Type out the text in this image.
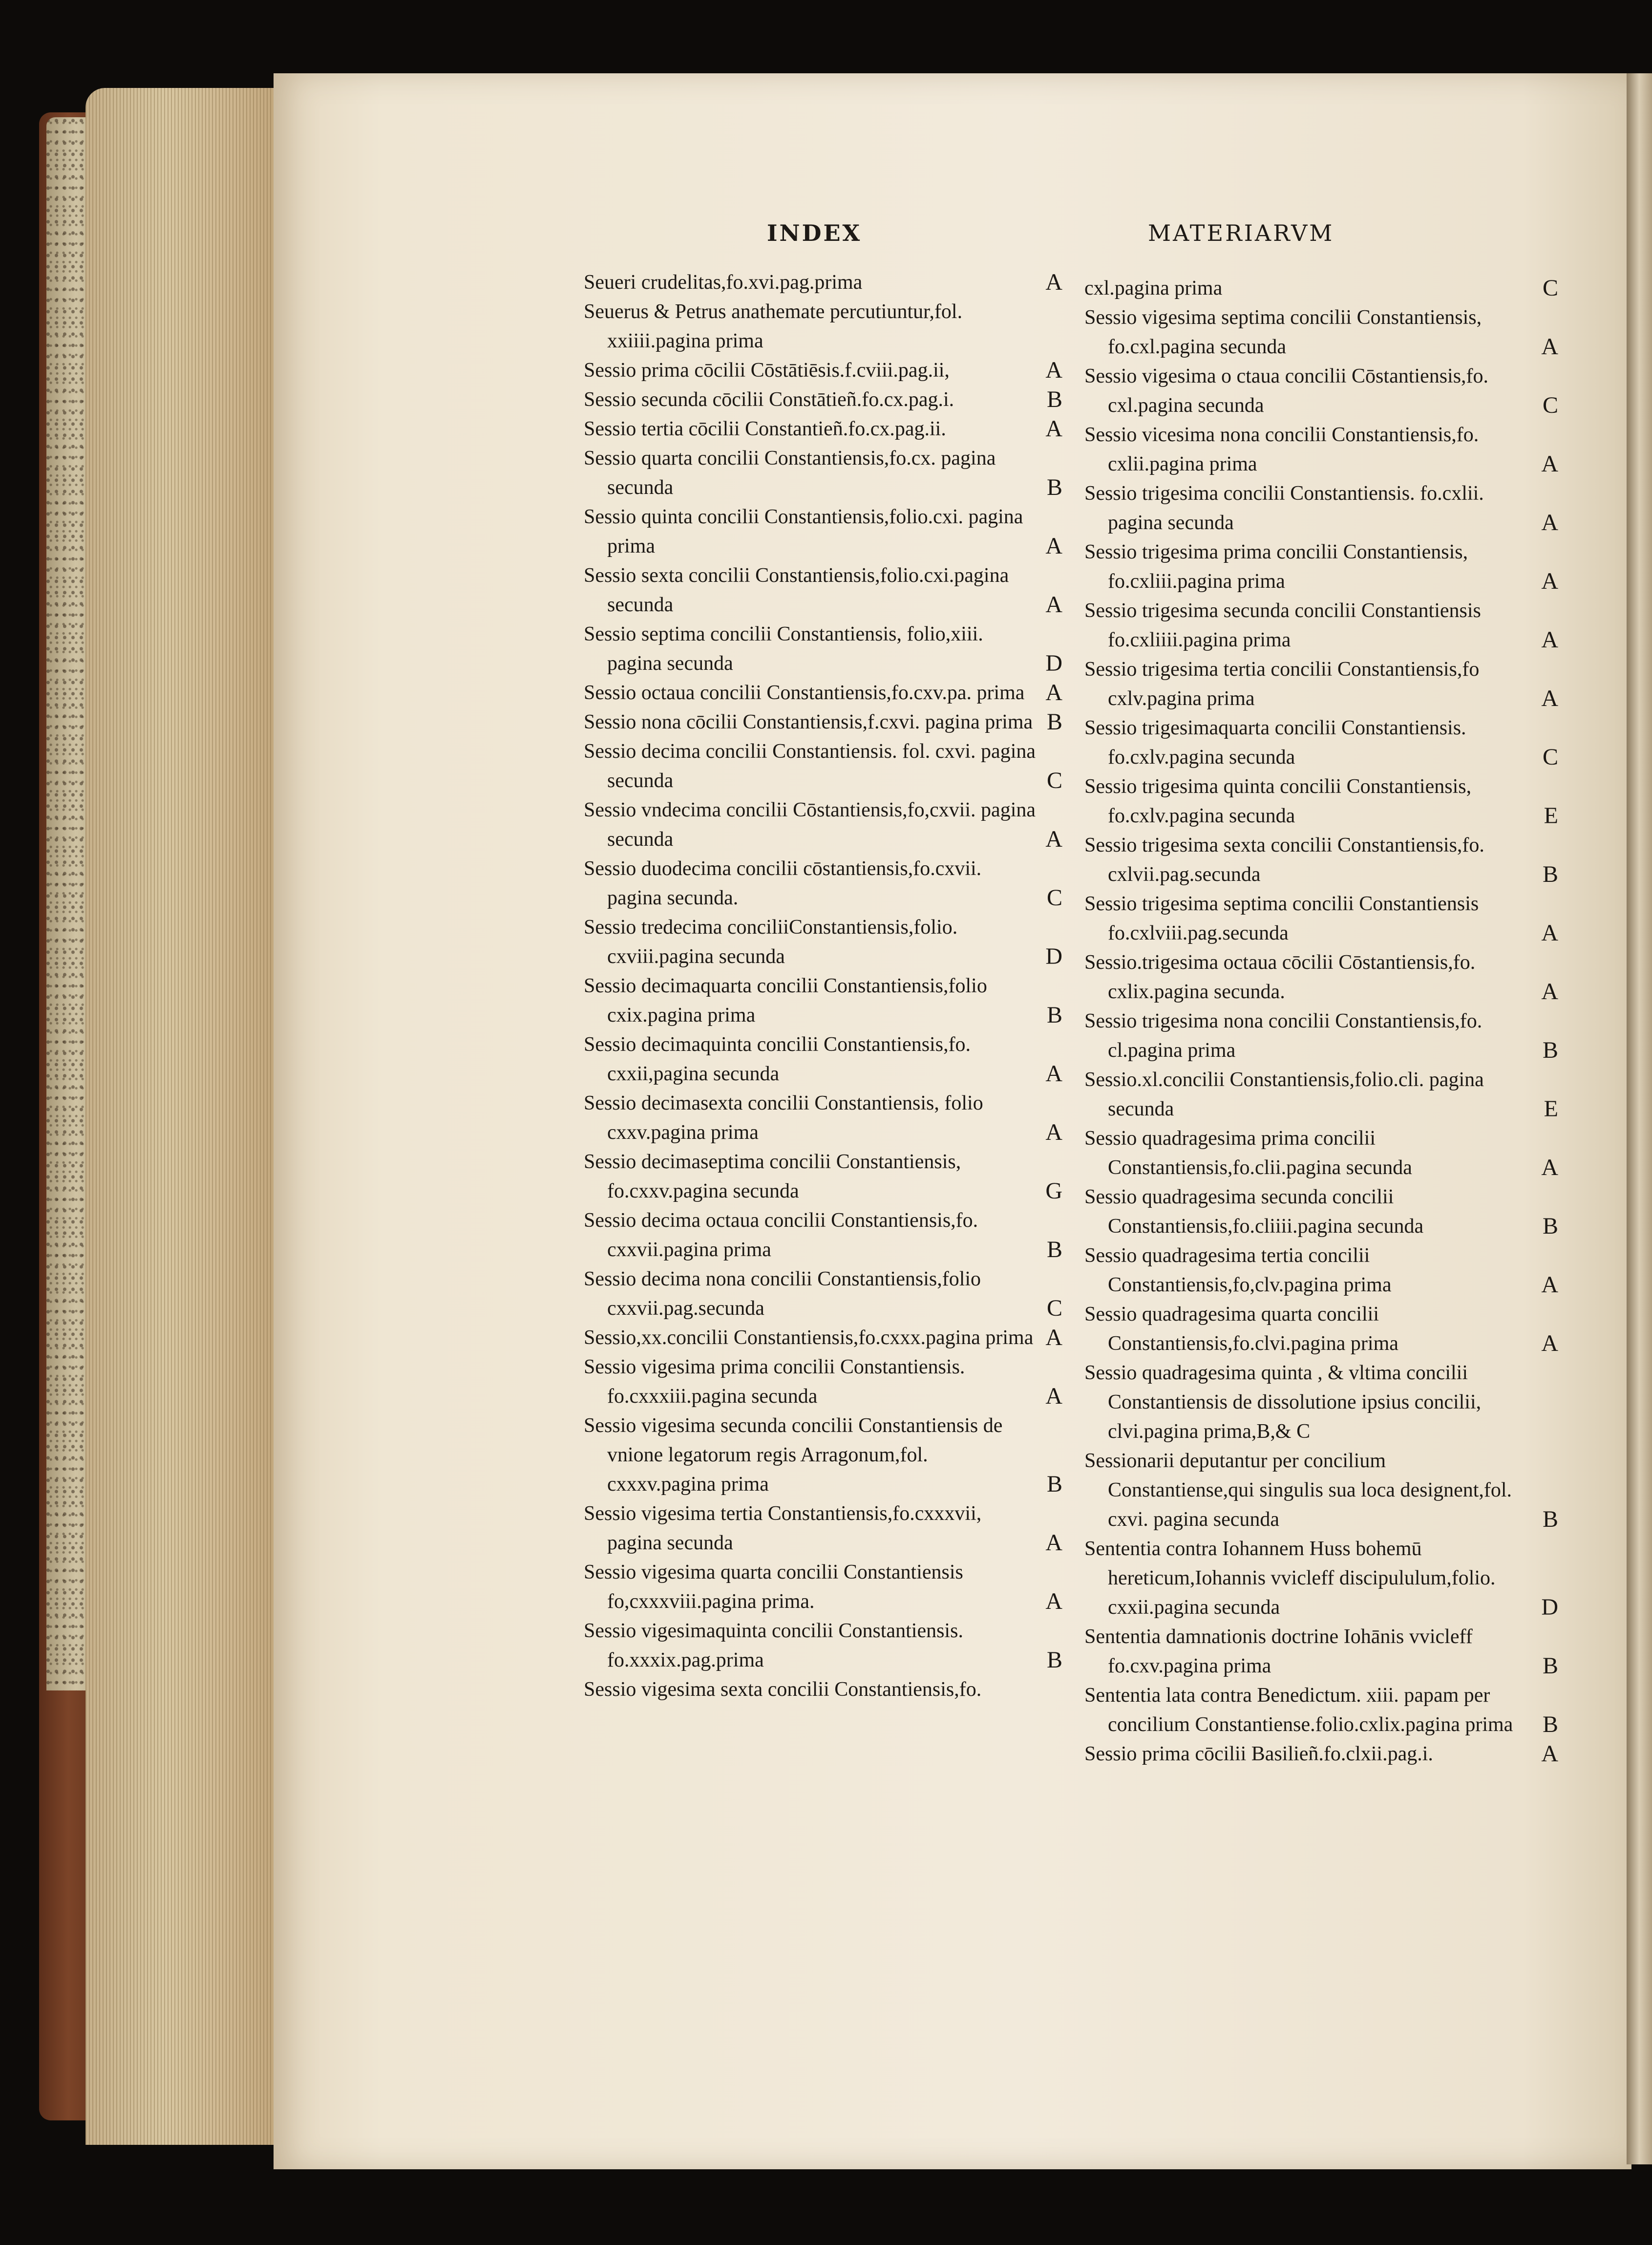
INDEX	MATERIARVM
Seueri crudelitas,fo.xvi.pag.prima	A
Seuerus & Petrus anathemate percutiuntur,fol. xxiiii.pagina prima
Sessio prima cōcilii Cōstātiēsis.f.cviii.pag.ii,	A
Sessio secunda cōcilii Constātieñ.fo.cx.pag.i.	B
Sessio tertia cōcilii Constantieñ.fo.cx.pag.ii.	A
Sessio quarta concilii Constantiensis,fo.cx. pagina secunda	B
Sessio quinta concilii Constantiensis,folio.cxi. pagina prima	A
Sessio sexta concilii Constantiensis,folio.cxi.pagina secunda	A
Sessio septima concilii Constantiensis, folio,xiii. pagina secunda	D
Sessio octaua concilii Constantiensis,fo.cxv.pa. prima A
Sessio nona cōcilii Constantiensis,f.cxvi. pagina prima B
Sessio decima concilii Constantiensis. fol. cxvi. pagina secunda	C
Sessio vndecima concilii Cōstantiensis,fo,cxvii. pagina secunda	A
Sessio duodecima concilii cōstantiensis,fo.cxvii. pagina secunda.	C
Sessio tredecima conciliiConstantiensis,folio. cxviii.pagina secunda	D
Sessio decimaquarta concilii Constantiensis,folio cxix.pagina prima	B
Sessio decimaquinta concilii Constantiensis,fo. cxxii,pagina secunda	A
Sessio decimasexta concilii Constantiensis, folio cxxv.pagina prima	A
Sessio decimaseptima concilii Constantiensis, fo.cxxv.pagina secunda	G
Sessio decima octaua concilii Constantiensis,fo. cxxvii.pagina prima	B
Sessio decima nona concilii Constantiensis,folio cxxvii.pag.secunda	C
Sessio,xx.concilii Constantiensis,fo.cxxx.pagina prima A
Sessio vigesima prima concilii Constantiensis. fo.cxxxiii.pagina secunda	A
Sessio vigesima secunda concilii Constantiensis de vnione legatorum regis Arragonum,fol. cxxxv.pagina prima	B
Sessio vigesima tertia Constantiensis,fo.cxxxvii, pagina secunda	A
Sessio vigesima quarta concilii Constantiensis fo,cxxxviii.pagina prima.	A
Sessio vigesimaquinta concilii Constantiensis. fo.xxxix.pag.prima	B
Sessio vigesima sexta concilii Constantiensis,fo.
cxl.pagina prima	C
Sessio vigesima septima concilii Constantiensis, fo.cxl.pagina secunda	A
Sessio vigesima o ctaua concilii Cōstantiensis,fo. cxl.pagina secunda	C
Sessio vicesima nona concilii Constantiensis,fo. cxlii.pagina prima	A
Sessio trigesima concilii Constantiensis. fo.cxlii. pagina secunda	A
Sessio trigesima prima concilii Constantiensis, fo.cxliii.pagina prima	A
Sessio trigesima secunda concilii Constantiensis fo.cxliiii.pagina prima	A
Sessio trigesima tertia concilii Constantiensis,fo cxlv.pagina prima	A
Sessio trigesimaquarta concilii Constantiensis. fo.cxlv.pagina secunda	C
Sessio trigesima quinta concilii Constantiensis, fo.cxlv.pagina secunda	E
Sessio trigesima sexta concilii Constantiensis,fo. cxlvii.pag.secunda	B
Sessio trigesima septima concilii Constantiensis fo.cxlviii.pag.secunda	A
Sessio.trigesima octaua cōcilii Cōstantiensis,fo. cxlix.pagina secunda.	A
Sessio trigesima nona concilii Constantiensis,fo. cl.pagina prima	B
Sessio.xl.concilii Constantiensis,folio.cli. pagina secunda	E
Sessio quadragesima prima concilii Constantiensis,fo.clii.pagina secunda	A
Sessio quadragesima secunda concilii Constantiensis,fo.cliiii.pagina secunda	B
Sessio quadragesima tertia concilii Constantiensis,fo,clv.pagina prima	A
Sessio quadragesima quarta concilii Constantiensis,fo.clvi.pagina prima	A
Sessio quadragesima quinta , & vltima concilii Constantiensis de dissolutione ipsius concilii, clvi.pagina prima,B,& C
Sessionarii deputantur per concilium Constantiense,qui singulis sua loca designent,fol. cxvi. pagina secunda	B
Sententia contra Iohannem Huss bohemū hereticum,Iohannis vvicleff discipululum,folio. cxxii.pagina secunda	D
Sententia damnationis doctrine Iohānis vvicleff fo.cxv.pagina prima	B
Sententia lata contra Benedictum. xiii. papam per concilium Constantiense.folio.cxlix.pagina prima	B
Sessio prima cōcilii Basilieñ.fo.clxii.pag.i.	A
